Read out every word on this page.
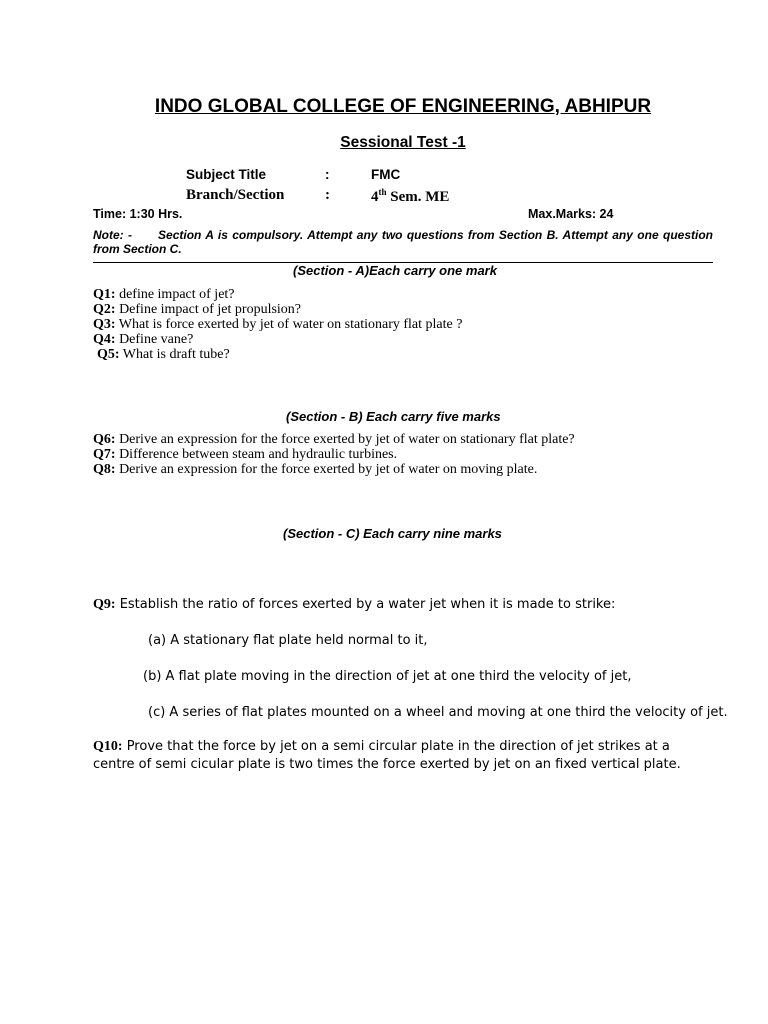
INDO GLOBAL COLLEGE OF ENGINEERING, ABHIPUR
Sessional Test -1
Subject Title	:	FMC
Branch/Section	:	4th Sem. ME
Time: 1:30 Hrs.	Max.Marks: 24
Note: - Section A is compulsory. Attempt any two questions from Section B. Attempt any one question from Section C.
(Section - A)Each carry one mark
Q1: define impact of jet?
Q2: Define impact of jet propulsion?
Q3: What is force exerted by jet of water on stationary flat plate ?
Q4: Define vane?
Q5: What is draft tube?
(Section - B) Each carry five marks
Q6: Derive an expression for the force exerted by jet of water on stationary flat plate?
Q7: Difference between steam and hydraulic turbines.
Q8: Derive an expression for the force exerted by jet of water on moving plate.
(Section - C) Each carry nine marks
Q9: Establish the ratio of forces exerted by a water jet when it is made to strike:
(a) A stationary flat plate held normal to it,
(b) A flat plate moving in the direction of jet at one third the velocity of jet,
(c) A series of flat plates mounted on a wheel and moving at one third the velocity of jet.
Q10: Prove that the force by jet on a semi circular plate in the direction of jet strikes at a centre of semi cicular plate is two times the force exerted by jet on an fixed vertical plate.
